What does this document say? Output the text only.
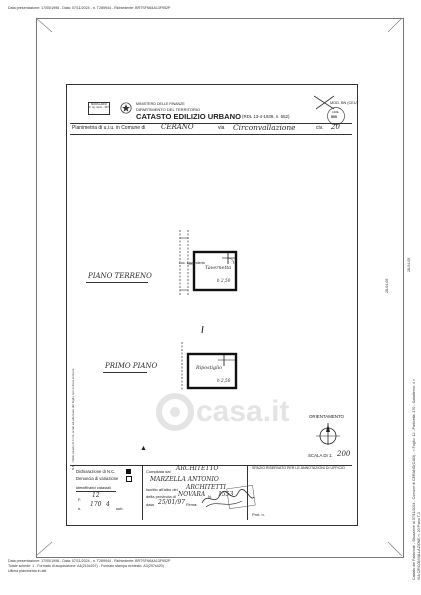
Data presentazione: 17/05/1998 - Data: 07/11/2024 - n. T289944 - Richiedente: BRTSFN64A13F952P
Data presentazione: 17/05/1998 - Data: 07/11/2024 - n. T289944 - Richiedente: BRTSFN64A13F952P
Totale schede: 1 - Formato di acquisizione: A4(210x297) - Formato stampa richiesto: A3(297x420)
Ultima planimetria in atti	Catasto dei Fabbricati - Situazione al 07/11/2024 - Comune di CERANO(C483) - < Foglio: 12 - Particella: 170 - Subalterno: 4 > VIA CIRCONVALLAZIONE n. 20 Piano T-1
28-04-05
28-04-05
N.B. - Nello spazio di 4 cm. ai lati ed alla base del foglio non si deve scrivere
MODULARIO
F. rig. rend. - 497
MINISTERO DELLE FINANZE
DIPARTIMENTO DEL TERRITORIO
CATASTO EDILIZIO URBANO (RDL 13-4-1939, n. 652)
MOD. BN (CEU)
LIRE
500
Planimetria di u.i.u. in Comune di CERANO	via Circonvallazione	civ. 20
PIANO TERRENO
Loc. Lavanderia
Tavernetta
h 2,50
PRIMO PIANO	Ripostiglio
h 2,50
casa.it
▲
ORIENTAMENTO
SCALA DI 1: 200
SPAZIO RISERVATO PER LE ANNOTAZIONI DI UFFICIO
Dichiarazione di N.C.
Denuncia di variazione
Identificativi catastali
F.
12
n.
170
sub.
4
Compilata dal ARCHITETTO
MARZELLA ANTONIO
Iscritto all'albo dei ARCHITETTI
della provincia di NOVARA N. 1553
data 25/01/97 Firma:
Prot. n.
